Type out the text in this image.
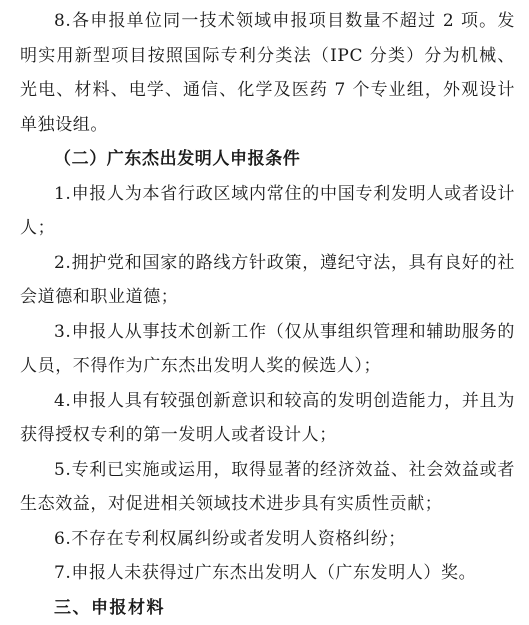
8.各申报单位同一技术领域申报项目数量不超过 2 项。发明实用新型项目按照国际专利分类法（IPC 分类）分为机械、光电、材料、电学、通信、化学及医药 7 个专业组，外观设计单独设组。

（二）广东杰出发明人申报条件

1.申报人为本省行政区域内常住的中国专利发明人或者设计人；

2.拥护党和国家的路线方针政策，遵纪守法，具有良好的社会道德和职业道德；

3.申报人从事技术创新工作（仅从事组织管理和辅助服务的人员，不得作为广东杰出发明人奖的候选人）；

4.申报人具有较强创新意识和较高的发明创造能力，并且为获得授权专利的第一发明人或者设计人；

5.专利已实施或运用，取得显著的经济效益、社会效益或者生态效益，对促进相关领域技术进步具有实质性贡献；

6.不存在专利权属纠纷或者发明人资格纠纷；

7.申报人未获得过广东杰出发明人（广东发明人）奖。

三、申报材料
